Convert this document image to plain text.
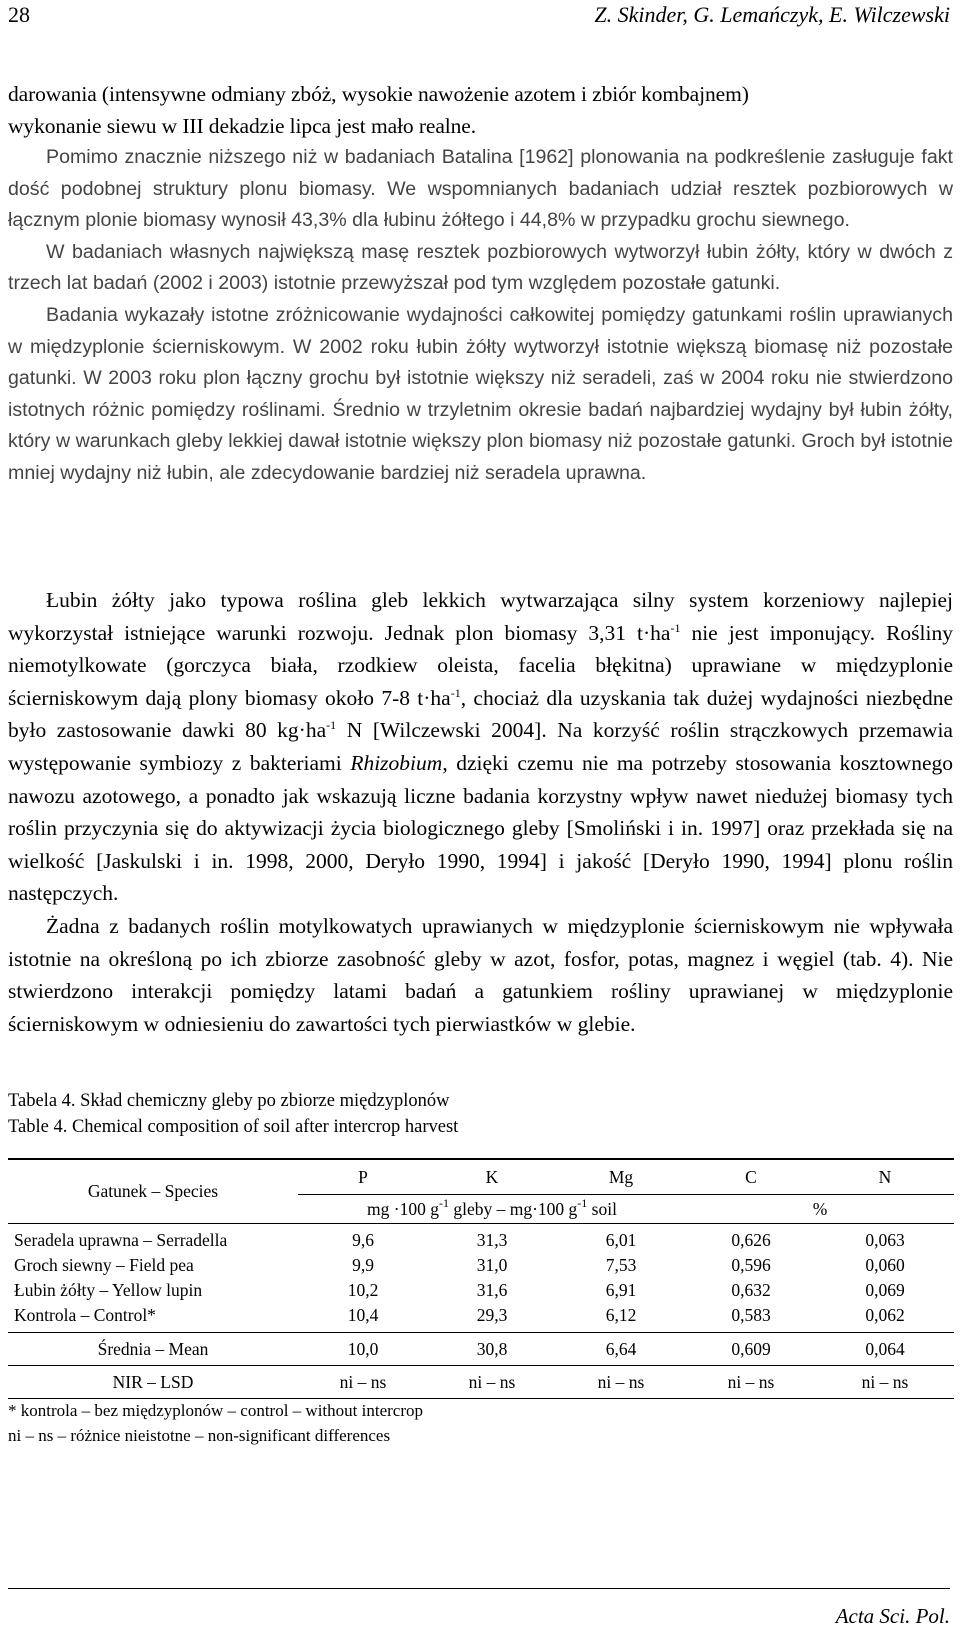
28	Z. Skinder, G. Lemańczyk, E. Wilczewski
darowania (intensywne odmiany zbóż, wysokie nawożenie azotem i zbiór kombajnem)
wykonanie siewu w III dekadzie lipca jest mało realne.

Pomimo znacznie niższego niż w badaniach Batalina [1962] plonowania na podkreślenie zasługuje fakt dość podobnej struktury plonu biomasy. We wspomnianych badaniach udział resztek pozbiorowych w łącznym plonie biomasy wynosił 43,3% dla łubinu żółtego i 44,8% w przypadku grochu siewnego.

W badaniach własnych największą masę resztek pozbiorowych wytworzył łubin żółty, który w dwóch z trzech lat badań (2002 i 2003) istotnie przewyższał pod tym względem pozostałe gatunki.

Badania wykazały istotne zróżnicowanie wydajności całkowitej pomiędzy gatunkami roślin uprawianych w międzyplonie ścierniskowym. W 2002 roku łubin żółty wytworzył istotnie większą biomasę niż pozostałe gatunki. W 2003 roku plon łączny grochu był istotnie większy niż seradeli, zaś w 2004 roku nie stwierdzono istotnych różnic pomiędzy roślinami. Średnio w trzyletnim okresie badań najbardziej wydajny był łubin żółty, który w warunkach gleby lekkiej dawał istotnie większy plon biomasy niż pozostałe gatunki. Groch był istotnie mniej wydajny niż łubin, ale zdecydowanie bardziej niż seradela uprawna.

Łubin żółty jako typowa roślina gleb lekkich wytwarzająca silny system korzeniowy najlepiej wykorzystał istniejące warunki rozwoju. Jednak plon biomasy 3,31 $t\cdot ha^{-1}$ nie jest imponujący. Rośliny niemotylkowate (gorczyca biała, rzodkiew oleista, facelia błękitna) uprawiane w międzyplonie ścierniskowym dają plony biomasy około 7-8 $t\cdot ha^{-1}$, chociaż dla uzyskania tak dużej wydajności niezbędne było zastosowanie dawki 80 $kg\cdot ha^{-1}$ N [Wilczewski 2004]. Na korzyść roślin strączkowych przemawia występowanie symbiozy z bakteriami Rhizobium, dzięki czemu nie ma potrzeby stosowania kosztownego nawozu azotowego, a ponadto jak wskazują liczne badania korzystny wpływ nawet niedużej biomasy tych roślin przyczynia się do aktywizacji życia biologicznego gleby [Smoliński i in. 1997] oraz przekłada się na wielkość [Jaskulski i in. 1998, 2000, Deryło 1990, 1994] i jakość [Deryło 1990, 1994] plonu roślin następczych.

Żadna z badanych roślin motylkowatych uprawianych w międzyplonie ścierniskowym nie wpływała istotnie na określoną po ich zbiorze zasobność gleby w azot, fosfor, potas, magnez i węgiel (tab. 4). Nie stwierdzono interakcji pomiędzy latami badań a gatunkiem rośliny uprawianej w międzyplonie ścierniskowym w odniesieniu do zawartości tych pierwiastków w glebie.

Tabela 4. Skład chemiczny gleby po zbiorze międzyplonów
Table 4. Chemical composition of soil after intercrop harvest
Gatunek – Species	P	K	Mg	C	N
	mg ·100 $g^{-1}$ gleby – mg·100 $g^{-1}$ soil			%	
Seradela uprawna – Serradella	9,6	31,3	6,01	0,626	0,063
Groch siewny – Field pea	9,9	31,0	7,53	0,596	0,060
Łubin żółty – Yellow lupin	10,2	31,6	6,91	0,632	0,069
Kontrola – Control*	10,4	29,3	6,12	0,583	0,062
Średnia – Mean	10,0	30,8	6,64	0,609	0,064
NIR – LSD	ni – ns	ni – ns	ni – ns	ni – ns	ni – ns
* kontrola – bez międzyplonów – control – without intercrop
ni – ns – różnice nieistotne – non-significant differences
Acta Sci. Pol.
